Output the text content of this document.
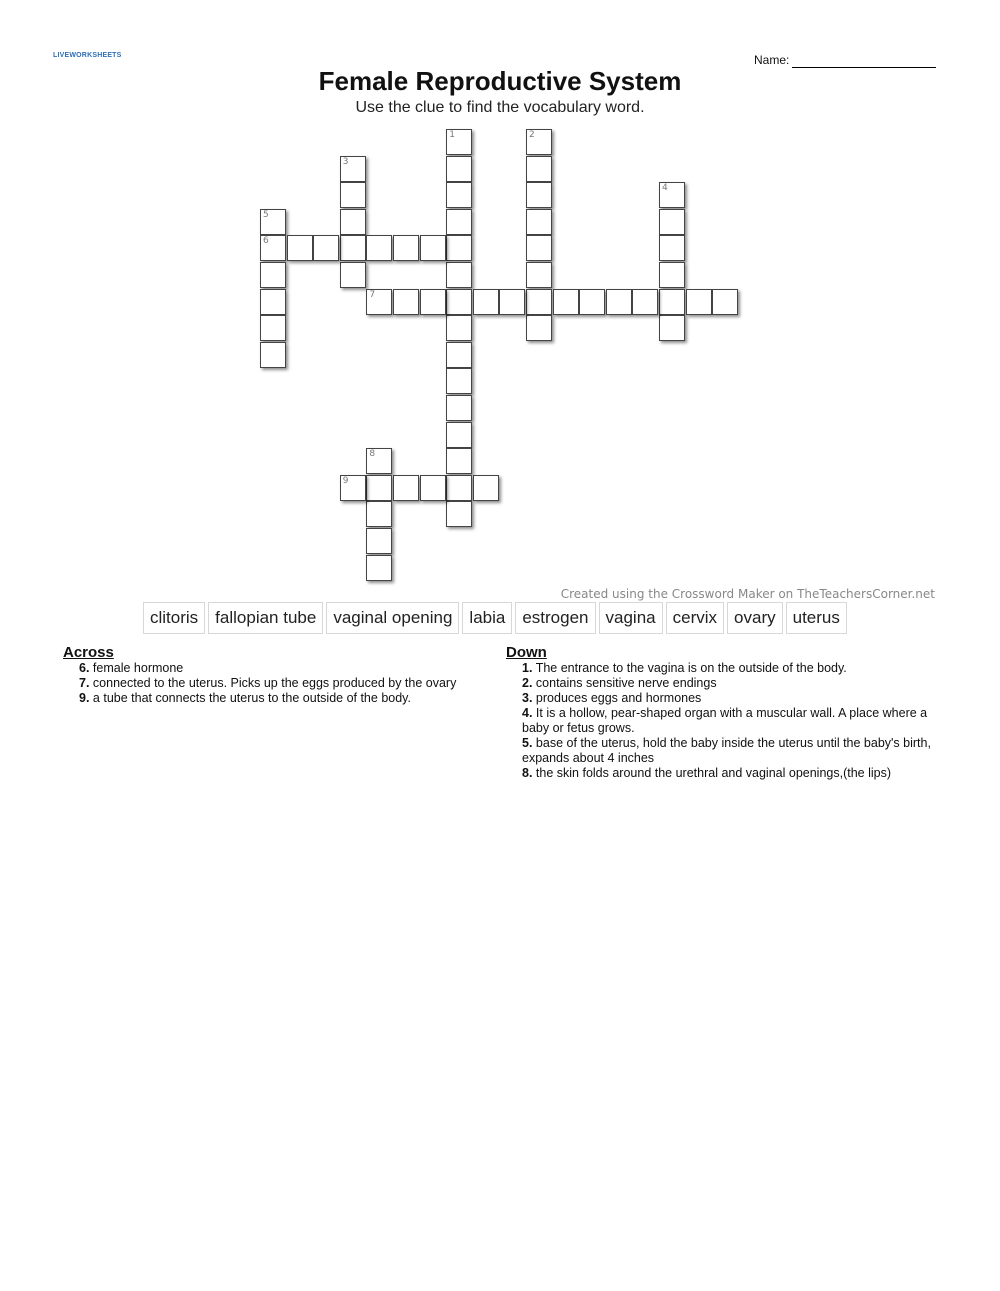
LIVEWORKSHEETS	Name:
Female Reproductive System
Use the clue to find the vocabulary word.
1	2
3
4
5
6
7
8
9
Created using the Crossword Maker on TheTeachersCorner.net
clitoris	fallopian tube	vaginal opening	labia	estrogen	vagina	cervix	ovary	uterus
Across
6. female hormone
7. connected to the uterus. Picks up the eggs produced by the ovary
9. a tube that connects the uterus to the outside of the body.
Down
1. The entrance to the vagina is on the outside of the body.
2. contains sensitive nerve endings
3. produces eggs and hormones
4. It is a hollow, pear-shaped organ with a muscular wall. A place where a baby or fetus grows.
5. base of the uterus, hold the baby inside the uterus until the baby's birth, expands about 4 inches
8. the skin folds around the urethral and vaginal openings,(the lips)
